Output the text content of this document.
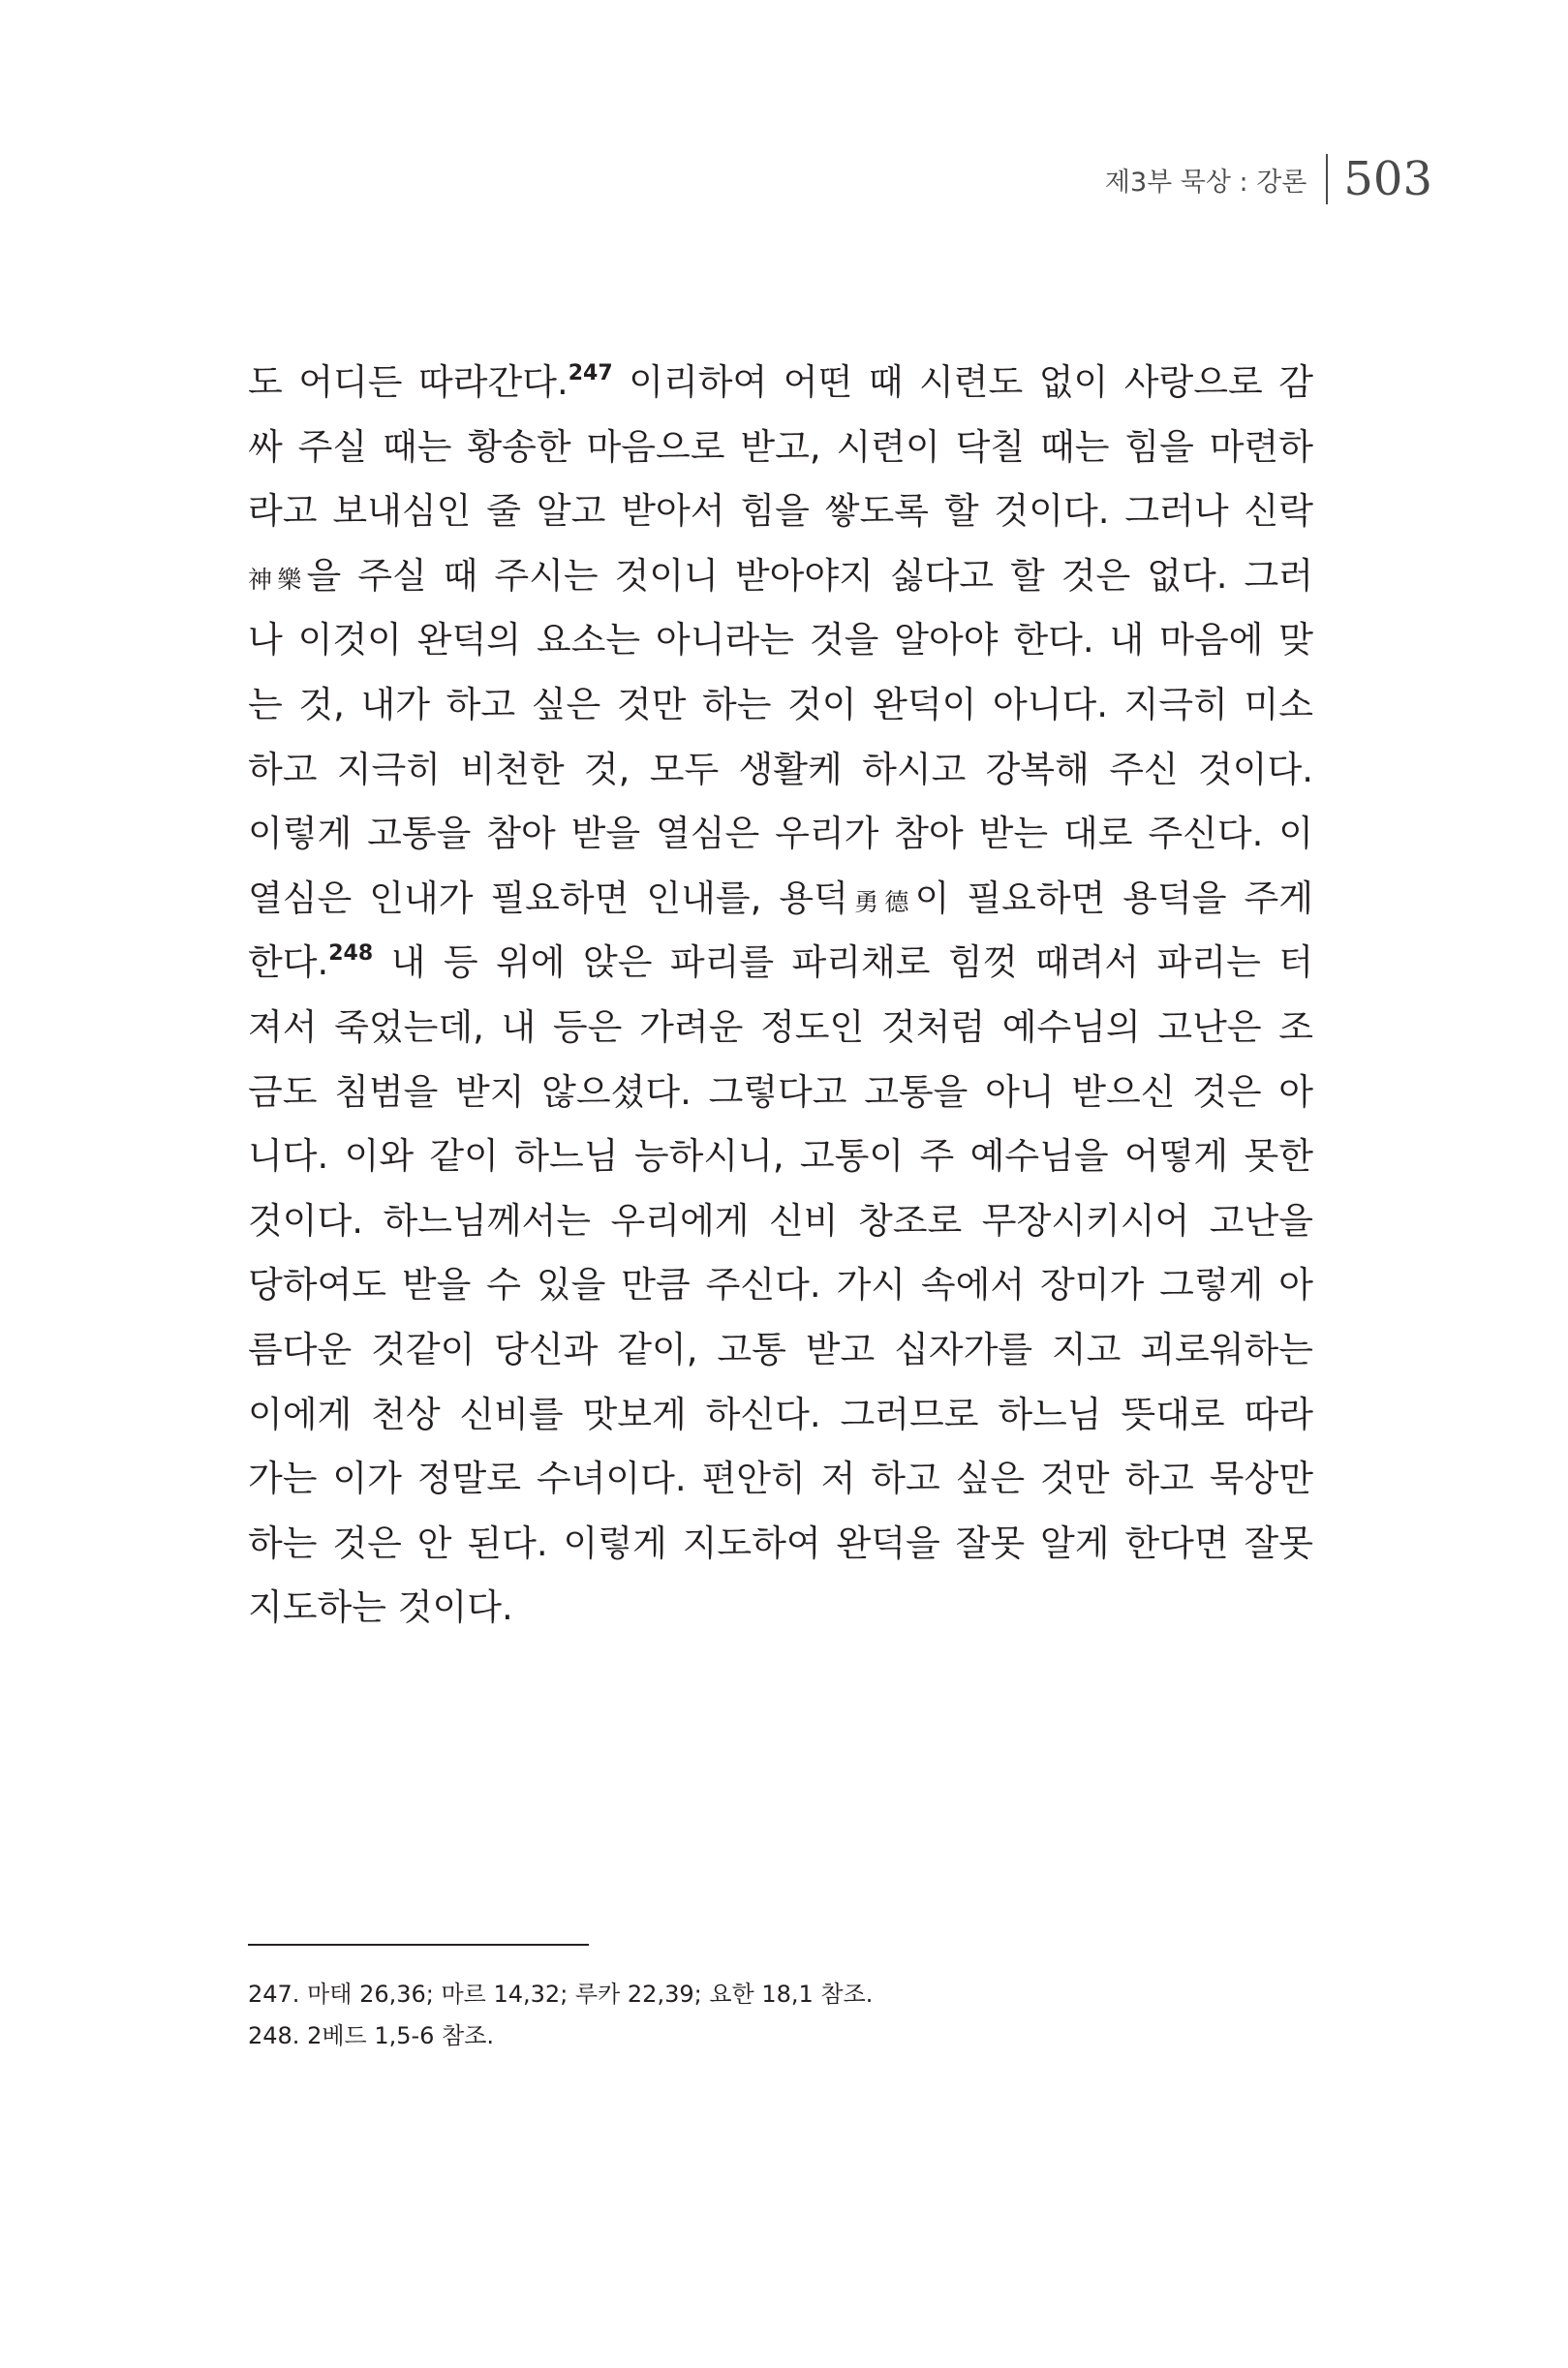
제3부 묵상 : 강론 503
도 어디든 따라간다.$^{247}$ 이리하여 어떤 때 시련도 없이 사랑으로 감
싸 주실 때는 황송한 마음으로 받고, 시련이 닥칠 때는 힘을 마련하
라고 보내심인 줄 알고 받아서 힘을 쌓도록 할 것이다. 그러나 신락
神樂을 주실 때 주시는 것이니 받아야지 싫다고 할 것은 없다. 그러
나 이것이 완덕의 요소는 아니라는 것을 알아야 한다. 내 마음에 맞
는 것, 내가 하고 싶은 것만 하는 것이 완덕이 아니다. 지극히 미소
하고 지극히 비천한 것, 모두 생활케 하시고 강복해 주신 것이다.
이렇게 고통을 참아 받을 열심은 우리가 참아 받는 대로 주신다. 이
열심은 인내가 필요하면 인내를, 용덕勇德이 필요하면 용덕을 주게
한다.$^{248}$ 내 등 위에 앉은 파리를 파리채로 힘껏 때려서 파리는 터
져서 죽었는데, 내 등은 가려운 정도인 것처럼 예수님의 고난은 조
금도 침범을 받지 않으셨다. 그렇다고 고통을 아니 받으신 것은 아
니다. 이와 같이 하느님 능하시니, 고통이 주 예수님을 어떻게 못한
것이다. 하느님께서는 우리에게 신비 창조로 무장시키시어 고난을
당하여도 받을 수 있을 만큼 주신다. 가시 속에서 장미가 그렇게 아
름다운 것같이 당신과 같이, 고통 받고 십자가를 지고 괴로워하는
이에게 천상 신비를 맛보게 하신다. 그러므로 하느님 뜻대로 따라
가는 이가 정말로 수녀이다. 편안히 저 하고 싶은 것만 하고 묵상만
하는 것은 안 된다. 이렇게 지도하여 완덕을 잘못 알게 한다면 잘못
지도하는 것이다.
247. 마태 26,36; 마르 14,32; 루카 22,39; 요한 18,1 참조.
248. 2베드 1,5-6 참조.
